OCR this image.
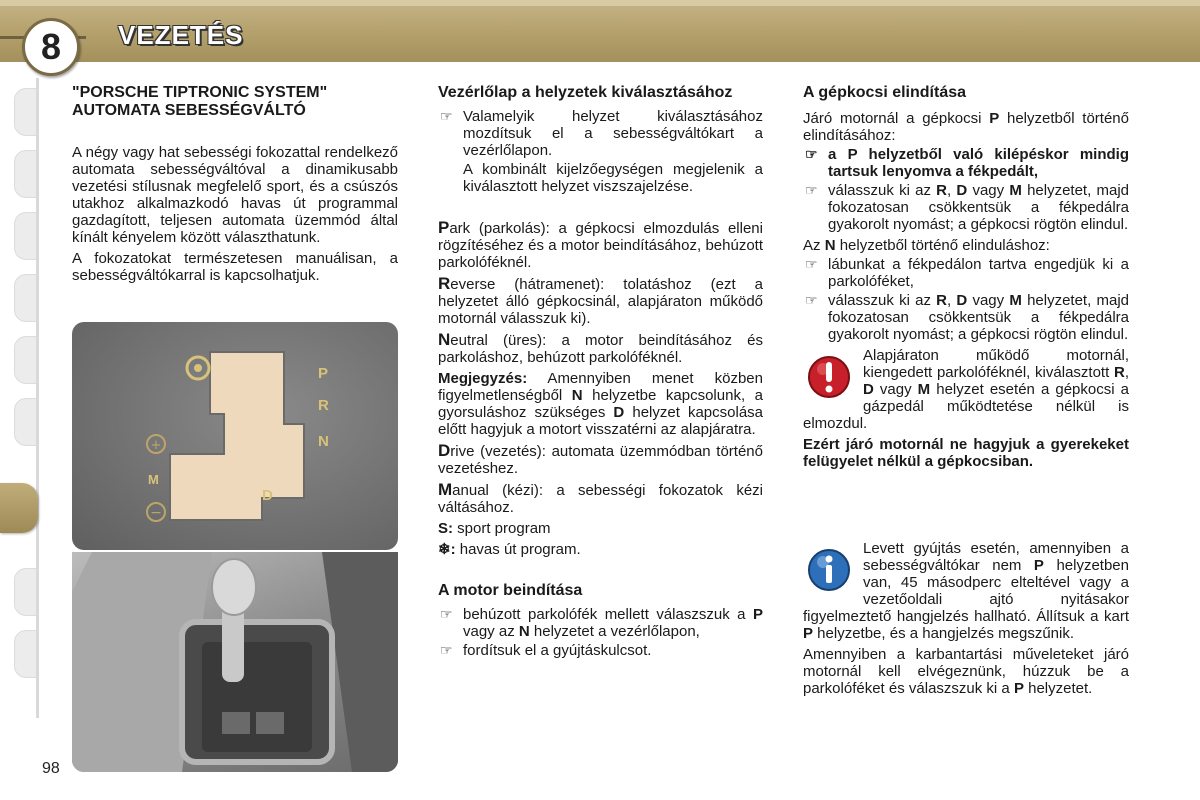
8	VEZETÉS
98
"PORSCHE TIPTRONIC SYSTEM" AUTOMATA SEBESSÉGVÁLTÓ

A négy vagy hat sebességi fokozattal rendelkező automata sebességváltóval a dinamikusabb vezetési stílusnak megfelelő sport, és a csúszós utakhoz alkalmazkodó havas út programmal gazdagított, teljesen automata üzemmód által kínált kényelem között választhatunk.

A fokozatokat természetesen manuálisan, a sebességváltókarral is kapcsolhatjuk.

+
−
P
R
N
D
M
Vezérlőlap a helyzetek kiválasztásához
☞ Valamelyik helyzet kiválasztásához mozdítsuk el a sebességváltókart a vezérlőlapon.
A kombinált kijelzőegységen megjelenik a kiválasztott helyzet viszszajelzése.
Park (parkolás): a gépkocsi elmozdulás elleni rögzítéséhez és a motor beindításához, behúzott parkolóféknél.
Reverse (hátramenet): tolatáshoz (ezt a helyzetet álló gépkocsinál, alapjáraton működő motornál válasszuk ki).
Neutral (üres): a motor beindításához és parkoláshoz, behúzott parkolóféknél.
Megjegyzés: Amennyiben menet közben figyelmetlenségből N helyzetbe kapcsolunk, a gyorsuláshoz szükséges D helyzet kapcsolása előtt hagyjuk a motort visszatérni az alapjáratra.
Drive (vezetés): automata üzemmódban történő vezetéshez.
Manual (kézi): a sebességi fokozatok kézi váltásához.
S: sport program
❄: havas út program.
A motor beindítása
☞ behúzott parkolófék mellett válaszszuk a P vagy az N helyzetet a vezérlőlapon,
☞ fordítsuk el a gyújtáskulcsot.
A gépkocsi elindítása

Járó motornál a gépkocsi P helyzetből történő elindításához:

☞ a P helyzetből való kilépéskor mindig tartsuk lenyomva a fékpedált,
☞ válasszuk ki az R, D vagy M helyzetet, majd fokozatosan csökkentsük a fékpedálra gyakorolt nyomást; a gépkocsi rögtön elindul.

Az N helyzetből történő elinduláshoz:

☞ lábunkat a fékpedálon tartva engedjük ki a parkolóféket,
☞ válasszuk ki az R, D vagy M helyzetet, majd fokozatosan csökkentsük a fékpedálra gyakorolt nyomást; a gépkocsi rögtön elindul.

Alapjáraton működő motornál, kiengedett parkolóféknél, kiválasztott R, D vagy M helyzet esetén a gépkocsi a gázpedál működtetése nélkül is elmozdul.

Ezért járó motornál ne hagyjuk a gyerekeket felügyelet nélkül a gépkocsiban.

Levett gyújtás esetén, amennyiben a sebességváltókar nem P helyzetben van, 45 másodperc elteltével vagy a vezetőoldali ajtó nyitásakor figyelmeztető hangjelzés hallható. Állítsuk a kart P helyzetbe, és a hangjelzés megszűnik.

Amennyiben a karbantartási műveleteket járó motornál kell elvégeznünk, húzzuk be a parkolóféket és válaszszuk ki a P helyzetet.
